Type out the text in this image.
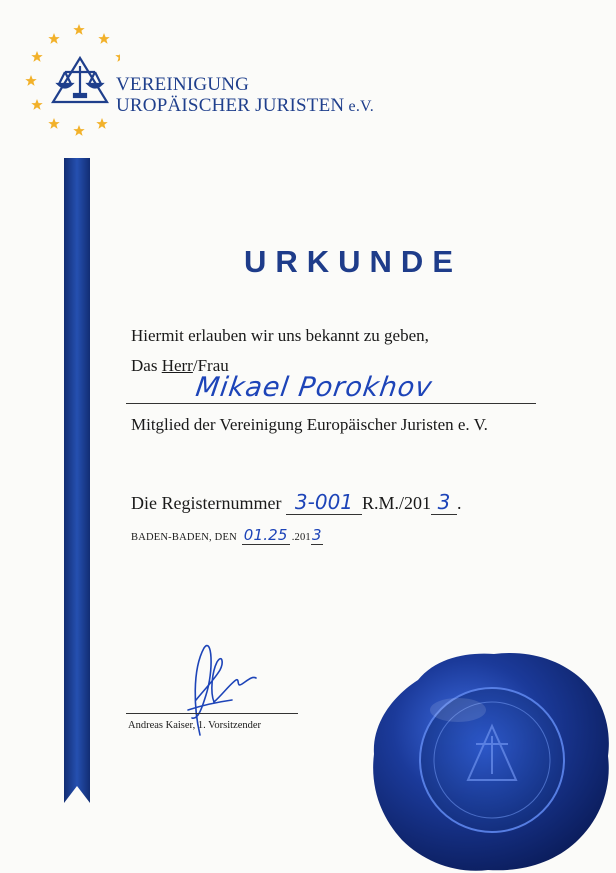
VEREINIGUNG
UROPÄISCHER JURISTEN e.V.
URKUNDE
Hiermit erlauben wir uns bekannt zu geben,
Das Herr/Frau
Mikael Porokhov
Mitglied der Vereinigung Europäischer Juristen e. V.
Die Registernummer 3-001 R.M./201 3 .
BADEN-BADEN, DEN 01.25 .2013
Andreas Kaiser, 1. Vorsitzender
